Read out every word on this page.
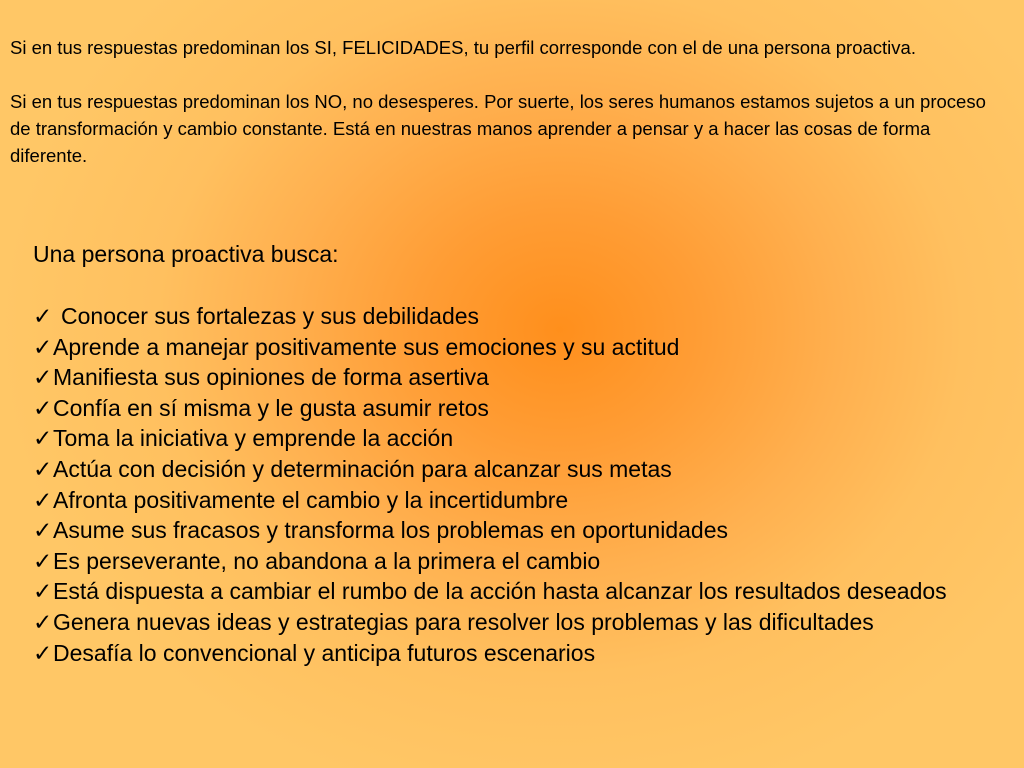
Si en tus respuestas predominan los SI, FELICIDADES, tu perfil corresponde con el de una persona proactiva.

Si en tus respuestas predominan los NO, no desesperes. Por suerte, los seres humanos estamos sujetos a un proceso de transformación y cambio constante. Está en nuestras manos aprender a pensar y a hacer las cosas de forma diferente.

Una persona proactiva busca:
✓ Conocer sus fortalezas y sus debilidades
✓Aprende a manejar positivamente sus emociones y su actitud
✓Manifiesta sus opiniones de forma asertiva
✓Confía en sí misma y le gusta asumir retos
✓Toma la iniciativa y emprende la acción
✓Actúa con decisión y determinación para alcanzar sus metas
✓Afronta positivamente el cambio y la incertidumbre
✓Asume sus fracasos y transforma los problemas en oportunidades
✓Es perseverante, no abandona a la primera el cambio
✓Está dispuesta a cambiar el rumbo de la acción hasta alcanzar los resultados deseados
✓Genera nuevas ideas y estrategias para resolver los problemas y las dificultades
✓Desafía lo convencional y anticipa futuros escenarios
